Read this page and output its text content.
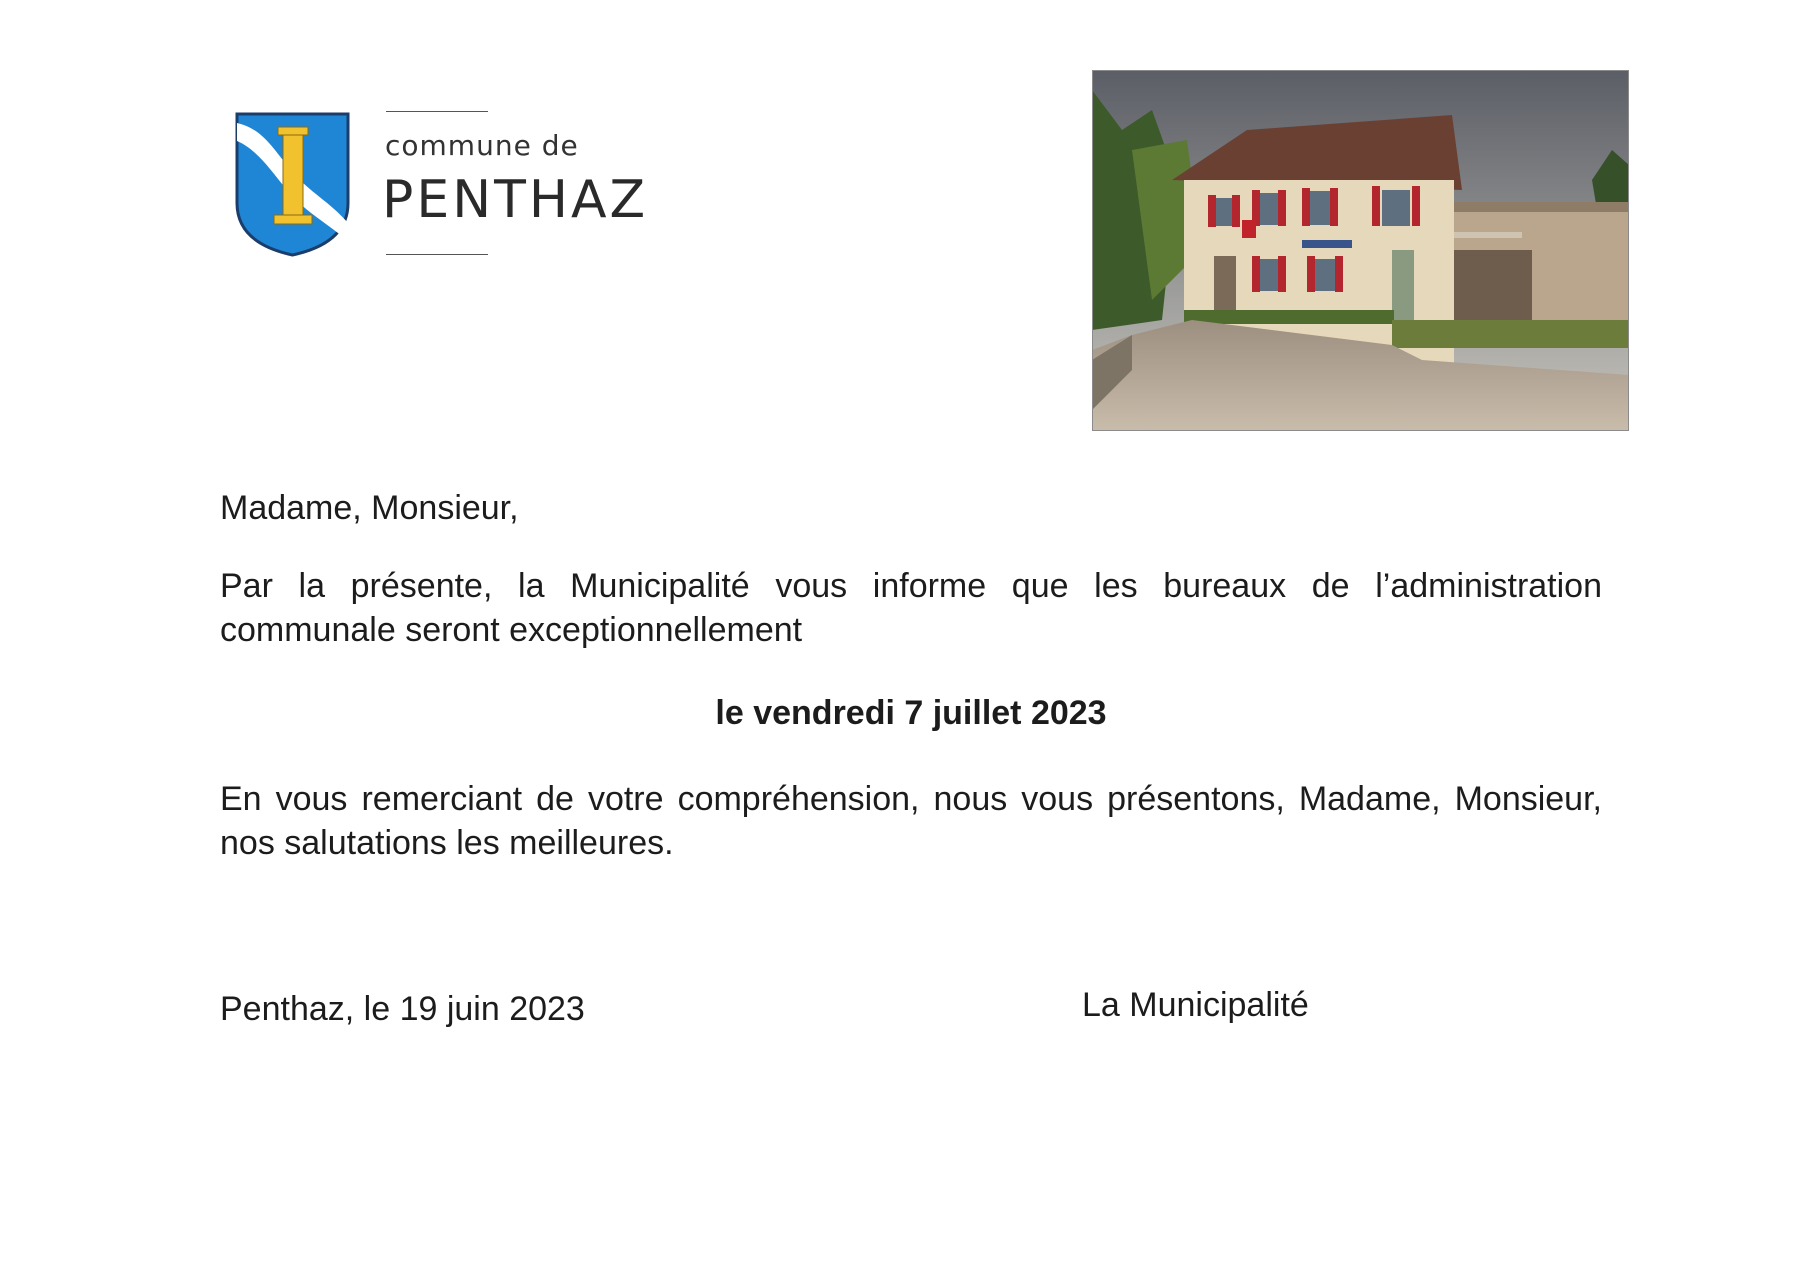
commune de
PENTHAZ
Madame, Monsieur,
Par la présente, la Municipalité vous informe que les bureaux de l’administration communale seront exceptionnellement
le vendredi 7 juillet 2023
En vous remerciant de votre compréhension, nous vous présentons, Madame, Monsieur, nos salutations les meilleures.
Penthaz, le 19 juin 2023	La Municipalité
